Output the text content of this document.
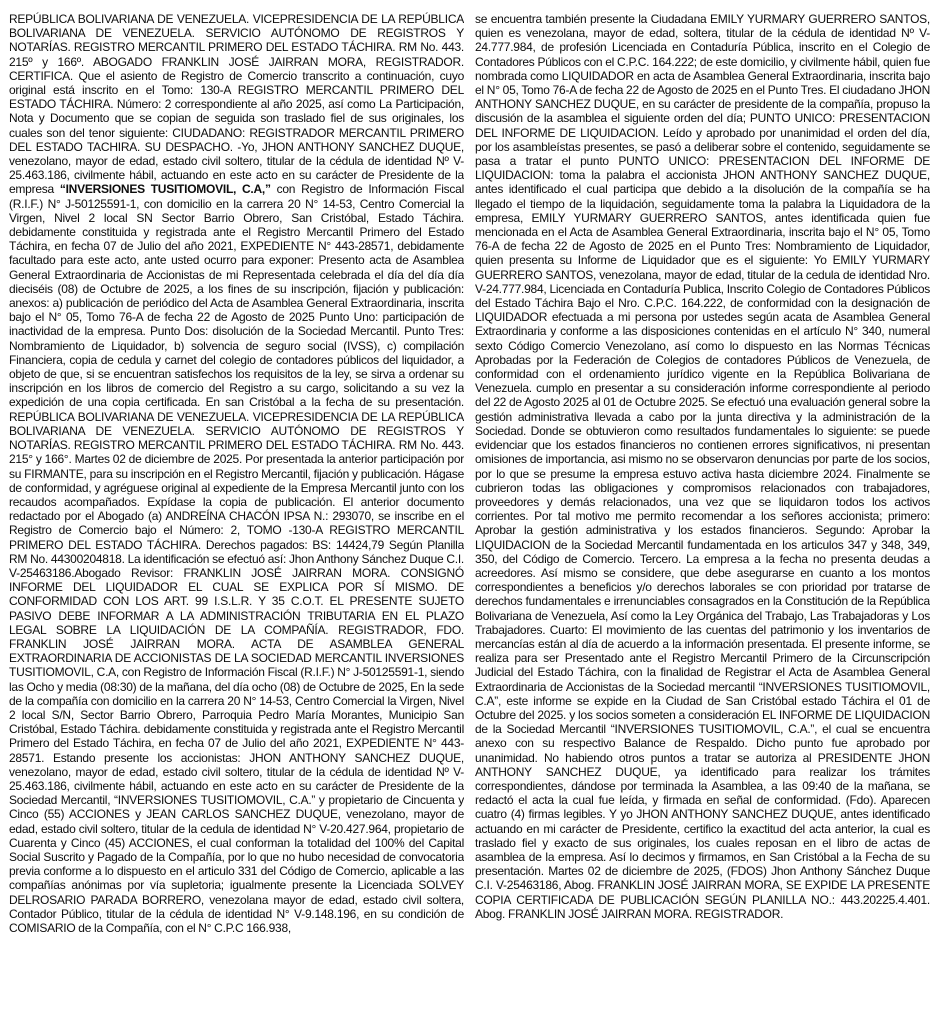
REPÚBLICA BOLIVARIANA DE VENEZUELA. VICEPRESIDENCIA DE LA REPÚBLICA BOLIVARIANA DE VENEZUELA. SERVICIO AUTÓNOMO DE REGISTROS Y NOTARÍAS. REGISTRO MERCANTIL PRIMERO DEL ESTADO TÁCHIRA. RM No. 443. 215º y 166º. ABOGADO FRANKLIN JOSÉ JAIRRAN MORA, REGISTRADOR. CERTIFICA. Que el asiento de Registro de Comercio transcrito a continuación, cuyo original está inscrito en el Tomo: 130-A REGISTRO MERCANTIL PRIMERO DEL ESTADO TÁCHIRA. Número: 2 correspondiente al año 2025, así como La Participación, Nota y Documento que se copian de seguida son traslado fiel de sus originales, los cuales son del tenor siguiente: CIUDADANO: REGISTRADOR MERCANTIL PRIMERO DEL ESTADO TACHIRA. SU DESPACHO. -Yo, JHON ANTHONY SANCHEZ DUQUE, venezolano, mayor de edad, estado civil soltero, titular de la cédula de identidad Nº V-25.463.186, civilmente hábil, actuando en este acto en su carácter de Presidente de la empresa “INVERSIONES TUSITIOMOVIL, C.A,” con Registro de Información Fiscal (R.I.F.) N° J-50125591-1, con domicilio en la carrera 20 N° 14-53, Centro Comercial la Virgen, Nivel 2 local SN Sector Barrio Obrero, San Cristóbal, Estado Táchira. debidamente constituida y registrada ante el Registro Mercantil Primero del Estado Táchira, en fecha 07 de Julio del año 2021, EXPEDIENTE N° 443-28571, debidamente facultado para este acto, ante usted ocurro para exponer: Presento acta de Asamblea General Extraordinaria de Accionistas de mi Representada celebrada el día del día día dieciséis (08) de Octubre de 2025, a los fines de su inscripción, fijación y publicación: anexos: a) publicación de periódico del Acta de Asamblea General Extraordinaria, inscrita bajo el N° 05, Tomo 76-A de fecha 22 de Agosto de 2025 Punto Uno: participación de inactividad de la empresa. Punto Dos: disolución de la Sociedad Mercantil. Punto Tres: Nombramiento de Liquidador, b) solvencia de seguro social (IVSS), c) compilación Financiera, copia de cedula y carnet del colegio de contadores públicos del liquidador, a objeto de que, si se encuentran satisfechos los requisitos de la ley, se sirva a ordenar su inscripción en los libros de comercio del Registro a su cargo, solicitando a su vez la expedición de una copia certificada. En san Cristóbal a la fecha de su presentación. REPÚBLICA BOLIVARIANA DE VENEZUELA. VICEPRESIDENCIA DE LA REPÚBLICA BOLIVARIANA DE VENEZUELA. SERVICIO AUTÓNOMO DE REGISTROS Y NOTARÍAS. REGISTRO MERCANTIL PRIMERO DEL ESTADO TÁCHIRA. RM No. 443. 215° y 166°. Martes 02 de diciembre de 2025. Por presentada la anterior participación por su FIRMANTE, para su inscripción en el Registro Mercantil, fijación y publicación. Hágase de conformidad, y agréguese original al expediente de la Empresa Mercantil junto con los recaudos acompañados. Expídase la copia de publicación. El anterior documento redactado por el Abogado (a) ANDREÍNA CHACÓN IPSA N.: 293070, se inscribe en el Registro de Comercio bajo el Número: 2, TOMO -130-A REGISTRO MERCANTIL PRIMERO DEL ESTADO TÁCHIRA. Derechos pagados: BS: 14424,79 Según Planilla RM No. 44300204818. La identificación se efectuó así: Jhon Anthony Sánchez Duque C.I. V-25463186.Abogado Revisor: FRANKLIN JOSÉ JAIRRAN MORA. CONSIGNÓ INFORME DEL LIQUIDADOR EL CUAL SE EXPLICA POR SÍ MISMO. DE CONFORMIDAD CON LOS ART. 99 I.S.L.R. Y 35 C.O.T. EL PRESENTE SUJETO PASIVO DEBE INFORMAR A LA ADMINISTRACIÓN TRIBUTARIA EN EL PLAZO LEGAL SOBRE LA LIQUIDACIÓN DE LA COMPAÑÍA. REGISTRADOR, FDO. FRANKLIN JOSÉ JAIRRAN MORA. ACTA DE ASAMBLEA GENERAL EXTRAORDINARIA DE ACCIONISTAS DE LA SOCIEDAD MERCANTIL INVERSIONES TUSITIOMOVIL, C.A, con Registro de Información Fiscal (R.I.F.) N° J-50125591-1, siendo las Ocho y media (08:30) de la mañana, del día ocho (08) de Octubre de 2025, En la sede de la compañía con domicilio en la carrera 20 N° 14-53, Centro Comercial la Virgen, Nivel 2 local S/N, Sector Barrio Obrero, Parroquia Pedro María Morantes, Municipio San Cristóbal, Estado Táchira. debidamente constituida y registrada ante el Registro Mercantil Primero del Estado Táchira, en fecha 07 de Julio del año 2021, EXPEDIENTE N° 443-28571. Estando presente los accionistas: JHON ANTHONY SANCHEZ DUQUE, venezolano, mayor de edad, estado civil soltero, titular de la cédula de identidad Nº V-25.463.186, civilmente hábil, actuando en este acto en su carácter de Presidente de la Sociedad Mercantil, “INVERSIONES TUSITIOMOVIL, C.A.” y propietario de Cincuenta y Cinco (55) ACCIONES y JEAN CARLOS SANCHEZ DUQUE, venezolano, mayor de edad, estado civil soltero, titular de la cedula de identidad N° V-20.427.964, propietario de Cuarenta y Cinco (45) ACCIONES, el cual conforman la totalidad del 100% del Capital Social Suscrito y Pagado de la Compañía, por lo que no hubo necesidad de convocatoria previa conforme a lo dispuesto en el articulo 331 del Código de Comercio, aplicable a las compañías anónimas por vía supletoria; igualmente presente la Licenciada SOLVEY DELROSARIO PARADA BORRERO, venezolana mayor de edad, estado civil soltera, Contador Público, titular de la cédula de identidad N° V-9.148.196, en su condición de COMISARIO de la Compañía, con el N° C.P.C 166.938,
se encuentra también presente la Ciudadana EMILY YURMARY GUERRERO SANTOS, quien es venezolana, mayor de edad, soltera, titular de la cédula de identidad Nº V-24.777.984, de profesión Licenciada en Contaduría Pública, inscrito en el Colegio de Contadores Públicos con el C.P.C. 164.222; de este domicilio, y civilmente hábil, quien fue nombrada como LIQUIDADOR en acta de Asamblea General Extraordinaria, inscrita bajo el N° 05, Tomo 76-A de fecha 22 de Agosto de 2025 en el Punto Tres. El ciudadano JHON ANTHONY SANCHEZ DUQUE, en su carácter de presidente de la compañía, propuso la discusión de la asamblea el siguiente orden del día; PUNTO UNICO: PRESENTACION DEL INFORME DE LIQUIDACION. Leído y aprobado por unanimidad el orden del día, por los asambleístas presentes, se pasó a deliberar sobre el contenido, seguidamente se pasa a tratar el punto PUNTO UNICO: PRESENTACION DEL INFORME DE LIQUIDACION: toma la palabra el accionista JHON ANTHONY SANCHEZ DUQUE, antes identificado el cual participa que debido a la disolución de la compañía se ha llegado el tiempo de la liquidación, seguidamente toma la palabra la Liquidadora de la empresa, EMILY YURMARY GUERRERO SANTOS, antes identificada quien fue mencionada en el Acta de Asamblea General Extraordinaria, inscrita bajo el N° 05, Tomo 76-A de fecha 22 de Agosto de 2025 en el Punto Tres: Nombramiento de Liquidador, quien presenta su Informe de Liquidador que es el siguiente: Yo EMILY YURMARY GUERRERO SANTOS, venezolana, mayor de edad, titular de la cedula de identidad Nro. V-24.777.984, Licenciada en Contaduría Publica, Inscrito Colegio de Contadores Públicos del Estado Táchira Bajo el Nro. C.P.C. 164.222, de conformidad con la designación de LIQUIDADOR efectuada a mi persona por ustedes según acata de Asamblea General Extraordinaria y conforme a las disposiciones contenidas en el artículo N° 340, numeral sexto Código Comercio Venezolano, así como lo dispuesto en las Normas Técnicas Aprobadas por la Federación de Colegios de contadores Públicos de Venezuela, de conformidad con el ordenamiento jurídico vigente en la República Bolivariana de Venezuela. cumplo en presentar a su consideración informe correspondiente al periodo del 22 de Agosto 2025 al 01 de Octubre 2025. Se efectuó una evaluación general sobre la gestión administrativa llevada a cabo por la junta directiva y la administración de la Sociedad. Donde se obtuvieron como resultados fundamentales lo siguiente: se puede evidenciar que los estados financieros no contienen errores significativos, ni presentan omisiones de importancia, asi mismo no se observaron denuncias por parte de los socios, por lo que se presume la empresa estuvo activa hasta diciembre 2024. Finalmente se cubrieron todas las obligaciones y compromisos relacionados con trabajadores, proveedores y demás relacionados, una vez que se liquidaron todos los activos corrientes. Por tal motivo me permito recomendar a los señores accionista; primero: Aprobar la gestión administrativa y los estados financieros. Segundo: Aprobar la LIQUIDACION de la Sociedad Mercantil fundamentada en los articulos 347 y 348, 349, 350, del Código de Comercio. Tercero. La empresa a la fecha no presenta deudas a acreedores. Así mismo se considere, que debe asegurarse en cuanto a los montos correspondientes a beneficios y/o derechos laborales se con prioridad por tratarse de derechos fundamentales e irrenunciables consagrados en la Constitución de la República Bolivariana de Venezuela, Así como la Ley Orgánica del Trabajo, Las Trabajadoras y Los Trabajadores. Cuarto: El movimiento de las cuentas del patrimonio y los inventarios de mercancías están al día de acuerdo a la información presentada. El presente informe, se realiza para ser Presentado ante el Registro Mercantil Primero de la Circunscripción Judicial del Estado Táchira, con la finalidad de Registrar el Acta de Asamblea General Extraordinaria de Accionistas de la Sociedad mercantil “INVERSIONES TUSITIOMOVIL, C.A”, este informe se expide en la Ciudad de San Cristóbal estado Táchira el 01 de Octubre del 2025. y los socios someten a consideración EL INFORME DE LIQUIDACION de la Sociedad Mercantil “INVERSIONES TUSITIOMOVIL, C.A.”, el cual se encuentra anexo con su respectivo Balance de Respaldo. Dicho punto fue aprobado por unanimidad. No habiendo otros puntos a tratar se autoriza al PRESIDENTE JHON ANTHONY SANCHEZ DUQUE, ya identificado para realizar los trámites correspondientes, dándose por terminada la Asamblea, a las 09:40 de la mañana, se redactó el acta la cual fue leída, y firmada en señal de conformidad. (Fdo). Aparecen cuatro (4) firmas legibles. Y yo JHON ANTHONY SANCHEZ DUQUE, antes identificado actuando en mi carácter de Presidente, certifico la exactitud del acta anterior, la cual es traslado fiel y exacto de sus originales, los cuales reposan en el libro de actas de asamblea de la empresa. Así lo decimos y firmamos, en San Cristóbal a la Fecha de su presentación. Martes 02 de diciembre de 2025, (FDOS) Jhon Anthony Sánchez Duque C.I. V-25463186, Abog. FRANKLIN JOSÉ JAIRRAN MORA, SE EXPIDE LA PRESENTE COPIA CERTIFICADA DE PUBLICACIÓN SEGÚN PLANILLA NO.: 443.20225.4.401. Abog. FRANKLIN JOSÉ JAIRRAN MORA. REGISTRADOR.
